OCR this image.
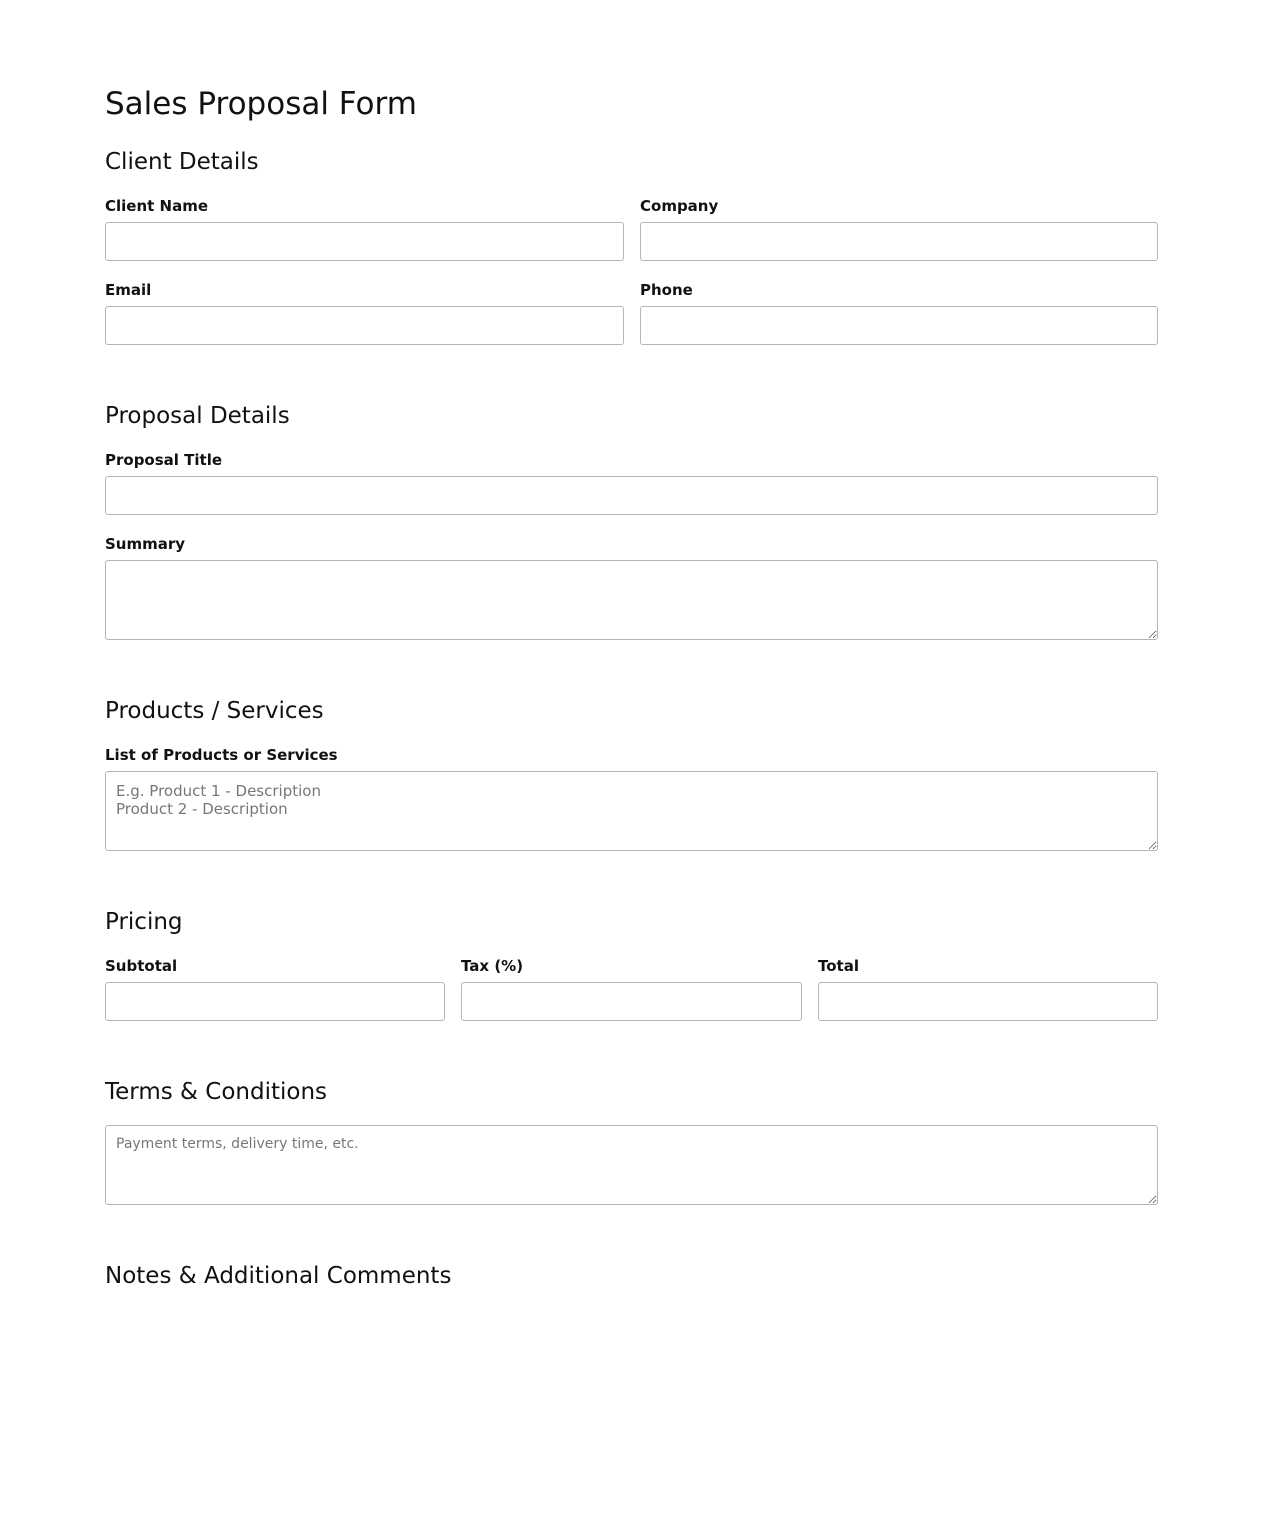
Sales Proposal Form
Client Details
Client Name	Company
Email	Phone
Proposal Details
Proposal Title
Summary
Products / Services
List of Products or Services
E.g. Product 1 - Description Product 2 - Description
Pricing
Subtotal	Tax (%)	Total
Terms & Conditions
Payment terms, delivery time, etc.
Notes & Additional Comments
